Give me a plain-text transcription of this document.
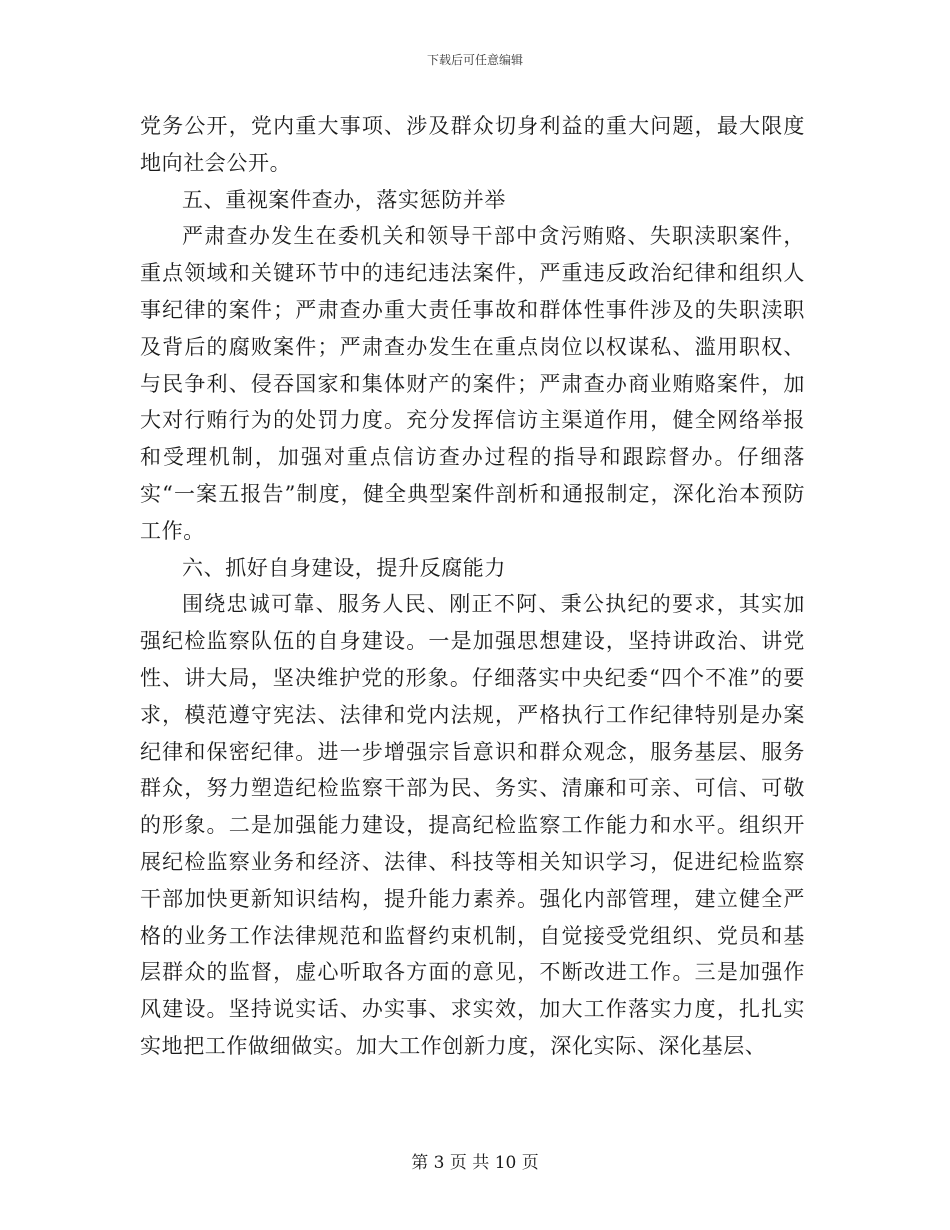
下载后可任意编辑

党务公开，党内重大事项、涉及群众切身利益的重大问题，最大限度地向社会公开。

五、重视案件查办，落实惩防并举

严肃查办发生在委机关和领导干部中贪污贿赂、失职渎职案件，重点领域和关键环节中的违纪违法案件，严重违反政治纪律和组织人事纪律的案件；严肃查办重大责任事故和群体性事件涉及的失职渎职及背后的腐败案件；严肃查办发生在重点岗位以权谋私、滥用职权、与民争利、侵吞国家和集体财产的案件；严肃查办商业贿赂案件，加大对行贿行为的处罚力度。充分发挥信访主渠道作用，健全网络举报和受理机制，加强对重点信访查办过程的指导和跟踪督办。仔细落实“一案五报告”制度，健全典型案件剖析和通报制定，深化治本预防工作。

六、抓好自身建设，提升反腐能力

围绕忠诚可靠、服务人民、刚正不阿、秉公执纪的要求，其实加强纪检监察队伍的自身建设。一是加强思想建设，坚持讲政治、讲党性、讲大局，坚决维护党的形象。仔细落实中央纪委“四个不准”的要求，模范遵守宪法、法律和党内法规，严格执行工作纪律特别是办案纪律和保密纪律。进一步增强宗旨意识和群众观念，服务基层、服务群众，努力塑造纪检监察干部为民、务实、清廉和可亲、可信、可敬的形象。二是加强能力建设，提高纪检监察工作能力和水平。组织开展纪检监察业务和经济、法律、科技等相关知识学习，促进纪检监察干部加快更新知识结构，提升能力素养。强化内部管理，建立健全严格的业务工作法律规范和监督约束机制，自觉接受党组织、党员和基层群众的监督，虚心听取各方面的意见，不断改进工作。三是加强作风建设。坚持说实话、办实事、求实效，加大工作落实力度，扎扎实实地把工作做细做实。加大工作创新力度，深化实际、深化基层、

第 3 页 共 10 页
